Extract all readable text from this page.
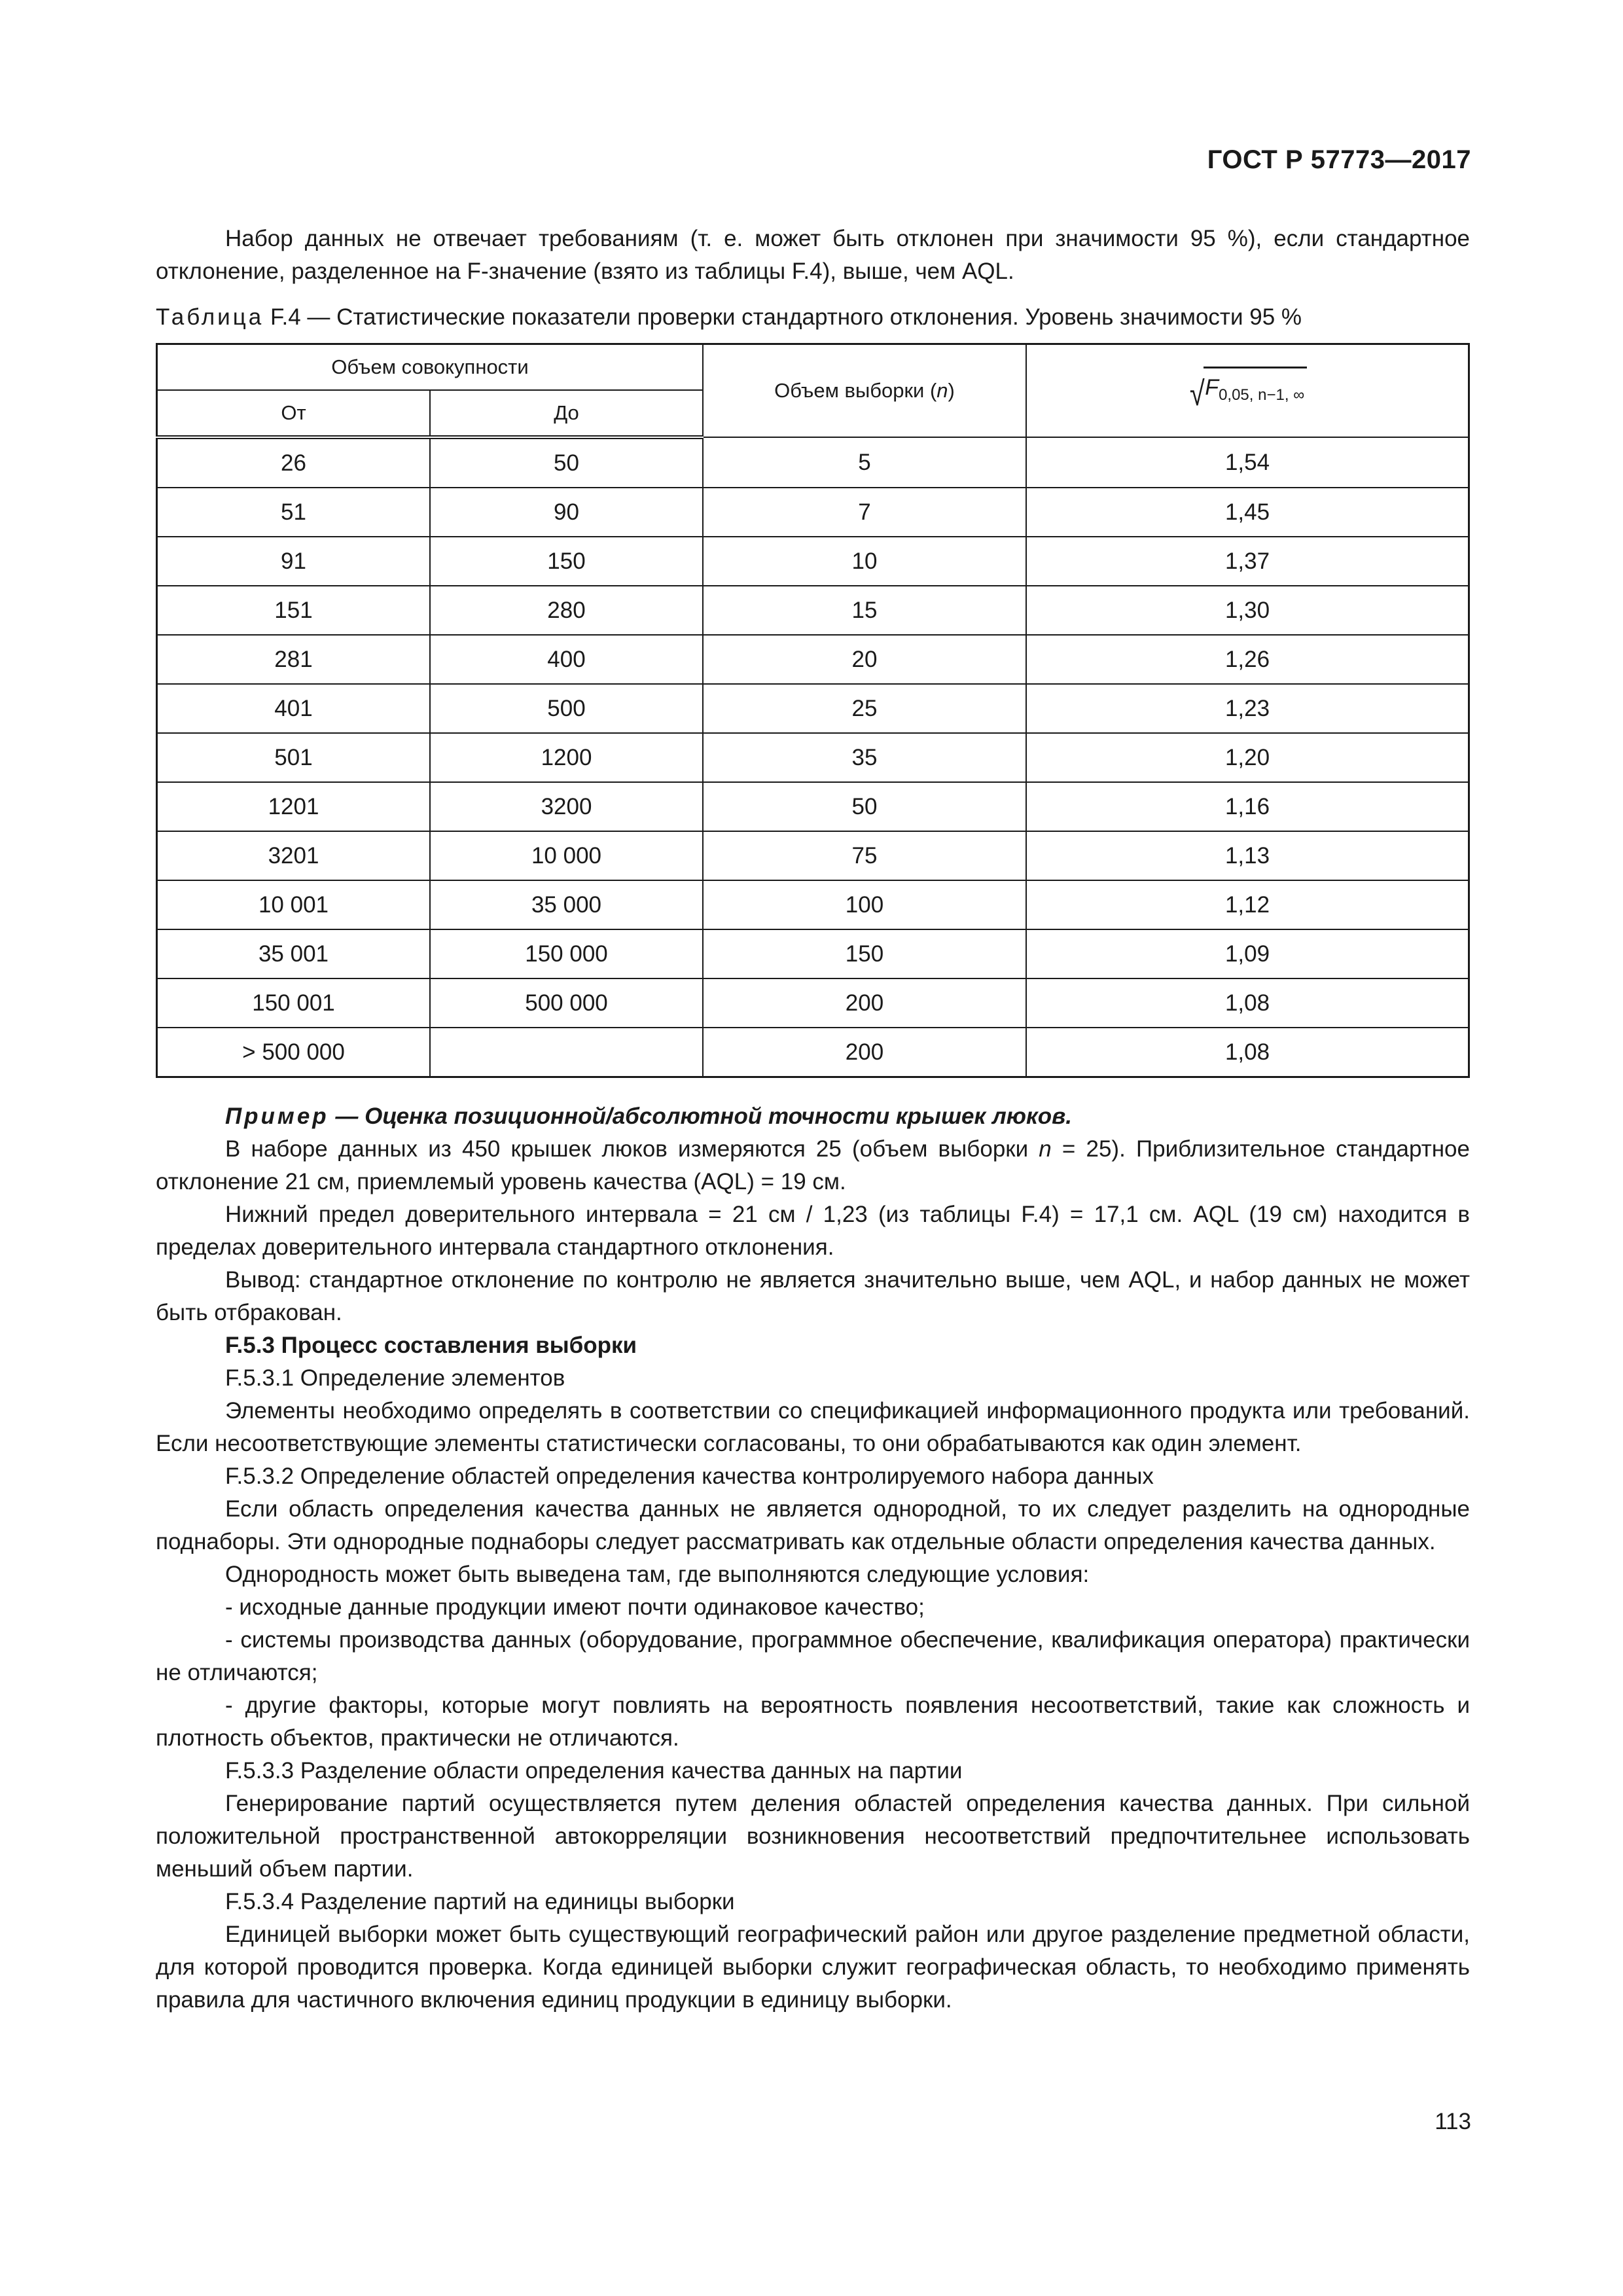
ГОСТ Р 57773—2017

Набор данных не отвечает требованиям (т. е. может быть отклонен при значимости 95 %), если стандартное отклонение, разделенное на F-значение (взято из таблицы F.4), выше, чем AQL.

Таблица F.4 — Статистические показатели проверки стандартного отклонения. Уровень значимости 95 %

Объем совокупности		Объем выборки (n)	√ $F_{0,05, n-1, \infty}$

От	До		
26	50	5	1,54
51	90	7	1,45
91	150	10	1,37
151	280	15	1,30
281	400	20	1,26
401	500	25	1,23
501	1200	35	1,20
1201	3200	50	1,16
3201	10 000	75	1,13
10 001	35 000	100	1,12
35 001	150 000	150	1,09
150 001	500 000	200	1,08
> 500 000		200	1,08

Пример — Оценка позиционной/абсолютной точности крышек люков.

В наборе данных из 450 крышек люков измеряются 25 (объем выборки n = 25). Приблизительное стандартное отклонение 21 см, приемлемый уровень качества (AQL) = 19 см.

Нижний предел доверительного интервала = 21 см / 1,23 (из таблицы F.4) = 17,1 см. AQL (19 см) находится в пределах доверительного интервала стандартного отклонения.

Вывод: стандартное отклонение по контролю не является значительно выше, чем AQL, и набор данных не может быть отбракован.

F.5.3 Процесс составления выборки

F.5.3.1 Определение элементов

Элементы необходимо определять в соответствии со спецификацией информационного продукта или требований. Если несоответствующие элементы статистически согласованы, то они обрабатываются как один элемент.

F.5.3.2 Определение областей определения качества контролируемого набора данных

Если область определения качества данных не является однородной, то их следует разделить на однородные поднаборы. Эти однородные поднаборы следует рассматривать как отдельные области определения качества данных.

Однородность может быть выведена там, где выполняются следующие условия:

- исходные данные продукции имеют почти одинаковое качество;

- системы производства данных (оборудование, программное обеспечение, квалификация оператора) практически не отличаются;

- другие факторы, которые могут повлиять на вероятность появления несоответствий, такие как сложность и плотность объектов, практически не отличаются.

F.5.3.3 Разделение области определения качества данных на партии

Генерирование партий осуществляется путем деления областей определения качества данных. При сильной положительной пространственной автокорреляции возникновения несоответствий предпочтительнее использовать меньший объем партии.

F.5.3.4 Разделение партий на единицы выборки

Единицей выборки может быть существующий географический район или другое разделение предметной области, для которой проводится проверка. Когда единицей выборки служит географическая область, то необходимо применять правила для частичного включения единиц продукции в единицу выборки.

113
